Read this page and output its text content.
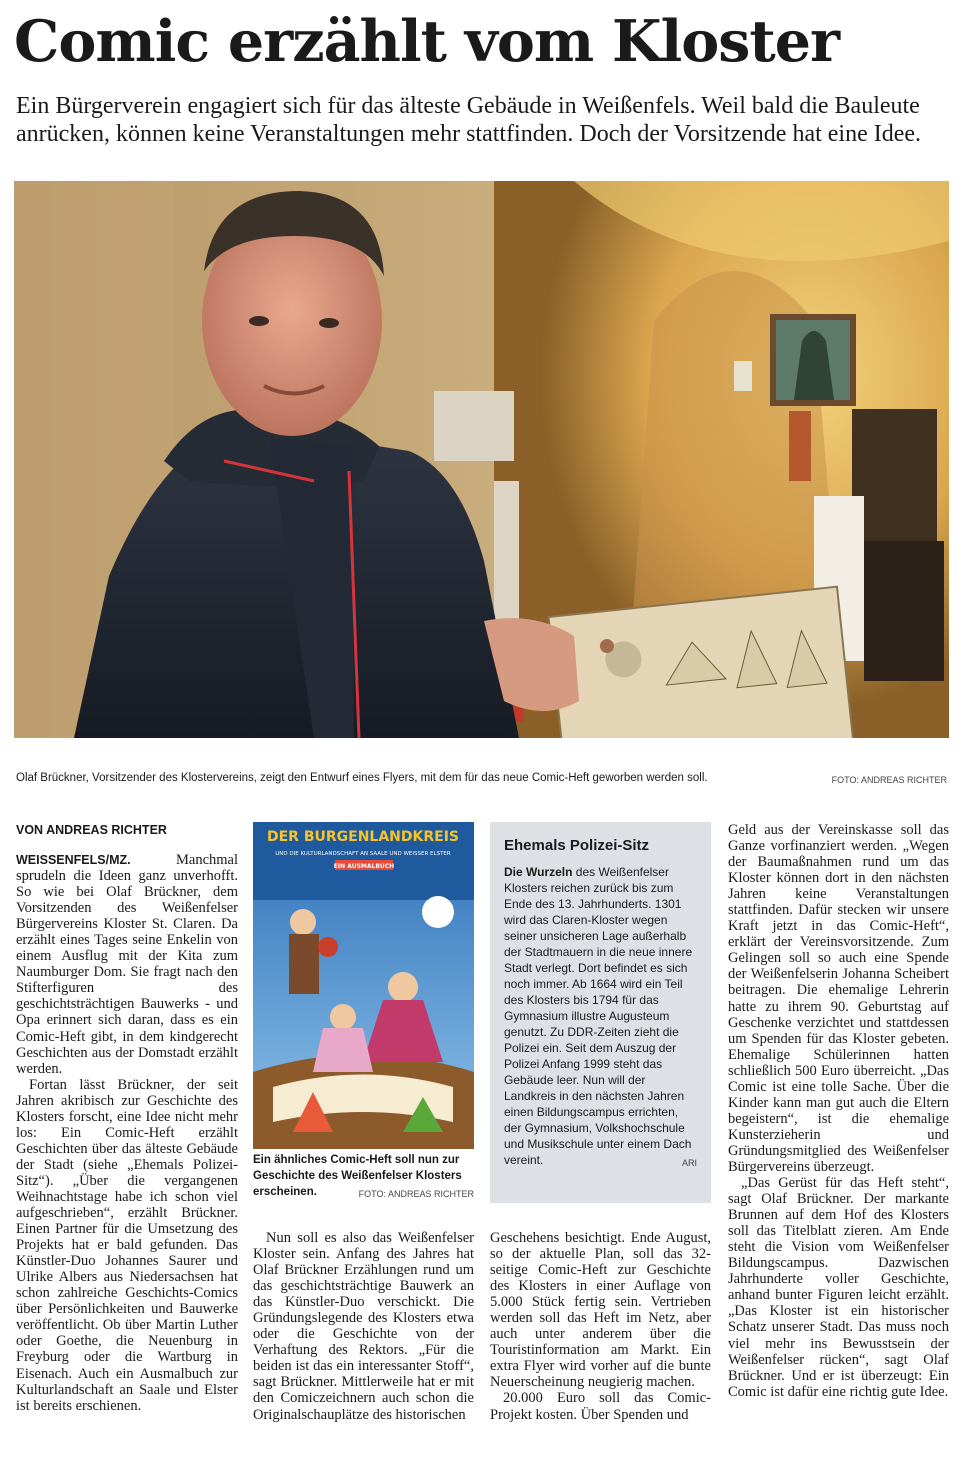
Comic erzählt vom Kloster

Ein Bürgerverein engagiert sich für das älteste Gebäude in Weißenfels. Weil bald die Bauleute anrücken, können keine Veranstaltungen mehr stattfinden. Doch der Vorsitzende hat eine Idee.

Olaf Brückner, Vorsitzender des Klostervereins, zeigt den Entwurf eines Flyers, mit dem für das neue Comic-Heft geworben werden soll.	FOTO: ANDREAS RICHTER
VON ANDREAS RICHTER

WEISSENFELS/MZ.	Manchmal sprudeln die Ideen ganz unverhofft. So wie bei Olaf Brückner, dem Vorsitzenden des Weißenfelser Bürgervereins Kloster St. Claren. Da erzählt eines Tages seine Enkelin von einem Ausflug mit der Kita zum Naumburger Dom. Sie fragt nach den Stifterfiguren des geschichtsträchtigen Bauwerks - und Opa erinnert sich daran, dass es ein Comic-Heft gibt, in dem kindgerecht Geschichten aus der Domstadt erzählt werden.

Fortan lässt Brückner, der seit Jahren akribisch zur Geschichte des Klosters forscht, eine Idee nicht mehr los: Ein Comic-Heft erzählt Geschichten über das älteste Gebäude der Stadt (siehe „Ehemals Polizei-Sitz“). „Über die vergangenen Weihnachtstage habe ich schon viel aufgeschrieben“, erzählt Brückner. Einen Partner für die Umsetzung des Projekts hat er bald gefunden. Das Künstler-Duo Johannes Saurer und Ulrike Albers aus Niedersachsen hat schon zahlreiche Geschichts-Comics über Persönlichkeiten und Bauwerke veröffentlicht. Ob über Martin Luther oder Goethe, die Neuenburg in Freyburg oder die Wartburg in Eisenach. Auch ein Ausmalbuch zur Kulturlandschaft an Saale und Elster ist bereits erschienen.

DER BURGENLANDKREIS
UND DIE KULTURLANDSCHAFT AN SAALE UND WEISSER ELSTER
EIN AUSMALBUCH
Ein ähnliches Comic-Heft soll nun zur Geschichte des Weißenfelser Klosters erscheinen.	FOTO: ANDREAS RICHTER

Nun soll es also das Weißenfelser Kloster sein. Anfang des Jahres hat Olaf Brückner Erzählungen rund um das geschichtsträchtige Bauwerk an das Künstler-Duo verschickt. Die Gründungslegende des Klosters etwa oder die Geschichte von der Verhaftung des Rektors. „Für die beiden ist das ein interessanter Stoff“, sagt Brückner. Mittlerweile hat er mit den Comiczeichnern auch schon die Originalschauplätze des historischen

Ehemals Polizei-Sitz

Die Wurzeln des Weißenfelser Klosters reichen zurück bis zum Ende des 13. Jahrhunderts. 1301 wird das Claren-Kloster wegen seiner unsicheren Lage außerhalb der Stadtmauern in die neue innere Stadt verlegt. Dort befindet es sich noch immer. Ab 1664 wird ein Teil des Klosters bis 1794 für das Gymnasium illustre Augusteum genutzt. Zu DDR-Zeiten zieht die Polizei ein. Seit dem Auszug der Polizei Anfang 1999 steht das Gebäude leer. Nun will der Landkreis in den nächsten Jahren einen Bildungscampus errichten, der Gymnasium, Volkshochschule und Musikschule unter einem Dach vereint.	ARI

Geschehens besichtigt. Ende August, so der aktuelle Plan, soll das 32-seitige Comic-Heft zur Geschichte des Klosters in einer Auflage von 5.000 Stück fertig sein. Vertrieben werden soll das Heft im Netz, aber auch unter anderem über die Touristinformation am Markt. Ein extra Flyer wird vorher auf die bunte Neuerscheinung neugierig machen.

20.000 Euro soll das Comic-Projekt kosten. Über Spenden und

Geld aus der Vereinskasse soll das Ganze vorfinanziert werden. „Wegen der Baumaßnahmen rund um das Kloster können dort in den nächsten Jahren keine Veranstaltungen stattfinden. Dafür stecken wir unsere Kraft jetzt in das Comic-Heft“, erklärt der Vereinsvorsitzende. Zum Gelingen soll so auch eine Spende der Weißenfelserin Johanna Scheibert beitragen. Die ehemalige Lehrerin hatte zu ihrem 90. Geburtstag auf Geschenke verzichtet und stattdessen um Spenden für das Kloster gebeten. Ehemalige Schülerinnen hatten schließlich 500 Euro überreicht. „Das Comic ist eine tolle Sache. Über die Kinder kann man gut auch die Eltern begeistern“, ist die ehemalige Kunsterzieherin und Gründungsmitglied des Weißenfelser Bürgervereins überzeugt.

„Das Gerüst für das Heft steht“, sagt Olaf Brückner. Der markante Brunnen auf dem Hof des Klosters soll das Titelblatt zieren. Am Ende steht die Vision vom Weißenfelser Bildungscampus. Dazwischen Jahrhunderte voller Geschichte, anhand bunter Figuren leicht erzählt. „Das Kloster ist ein historischer Schatz unserer Stadt. Das muss noch viel mehr ins Bewusstsein der Weißenfelser rücken“, sagt Olaf Brückner. Und er ist überzeugt: Ein Comic ist dafür eine richtig gute Idee.
